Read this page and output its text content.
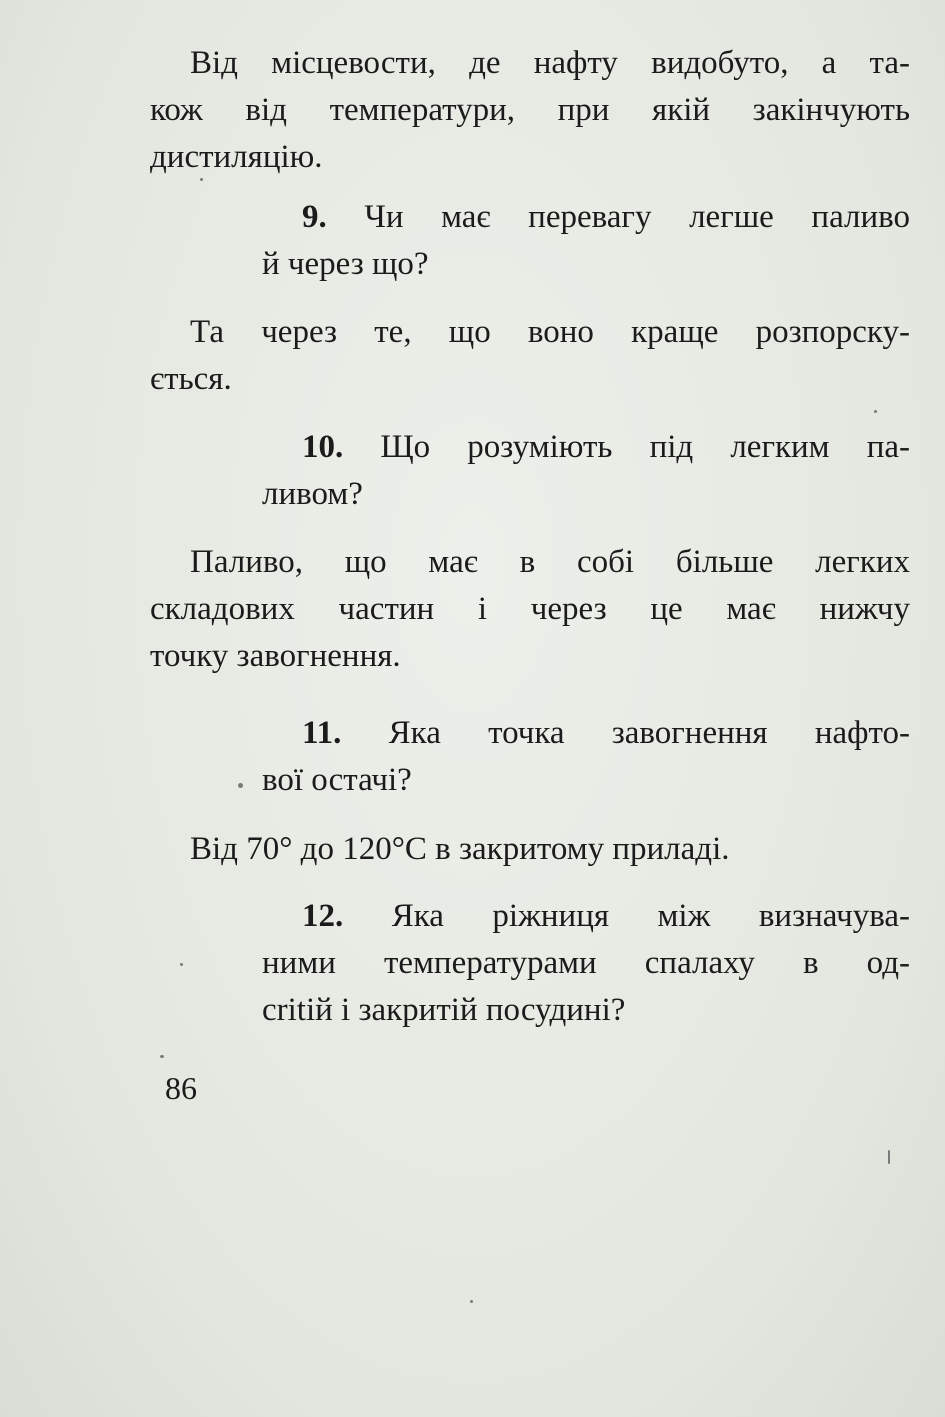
Від місцевости, де нафту видобуто, а та-
кож від температури, при якій закінчують
дистиляцію.
9. Чи має перевагу легше паливо
й через що?
Та через те, що воно краще розпорску-
ється.
10. Що розуміють під легким па-
ливом?
Паливо, що має в собі більше легких
складових частин і через це має нижчу
точку завогнення.
11. Яка точка завогнення нафто-
вої остачі?
Від 70° до 120°С в закритому приладі.
12. Яка ріжниця між визначува-
ними температурами спалаху в од-
critій і закритій посудині?
86
